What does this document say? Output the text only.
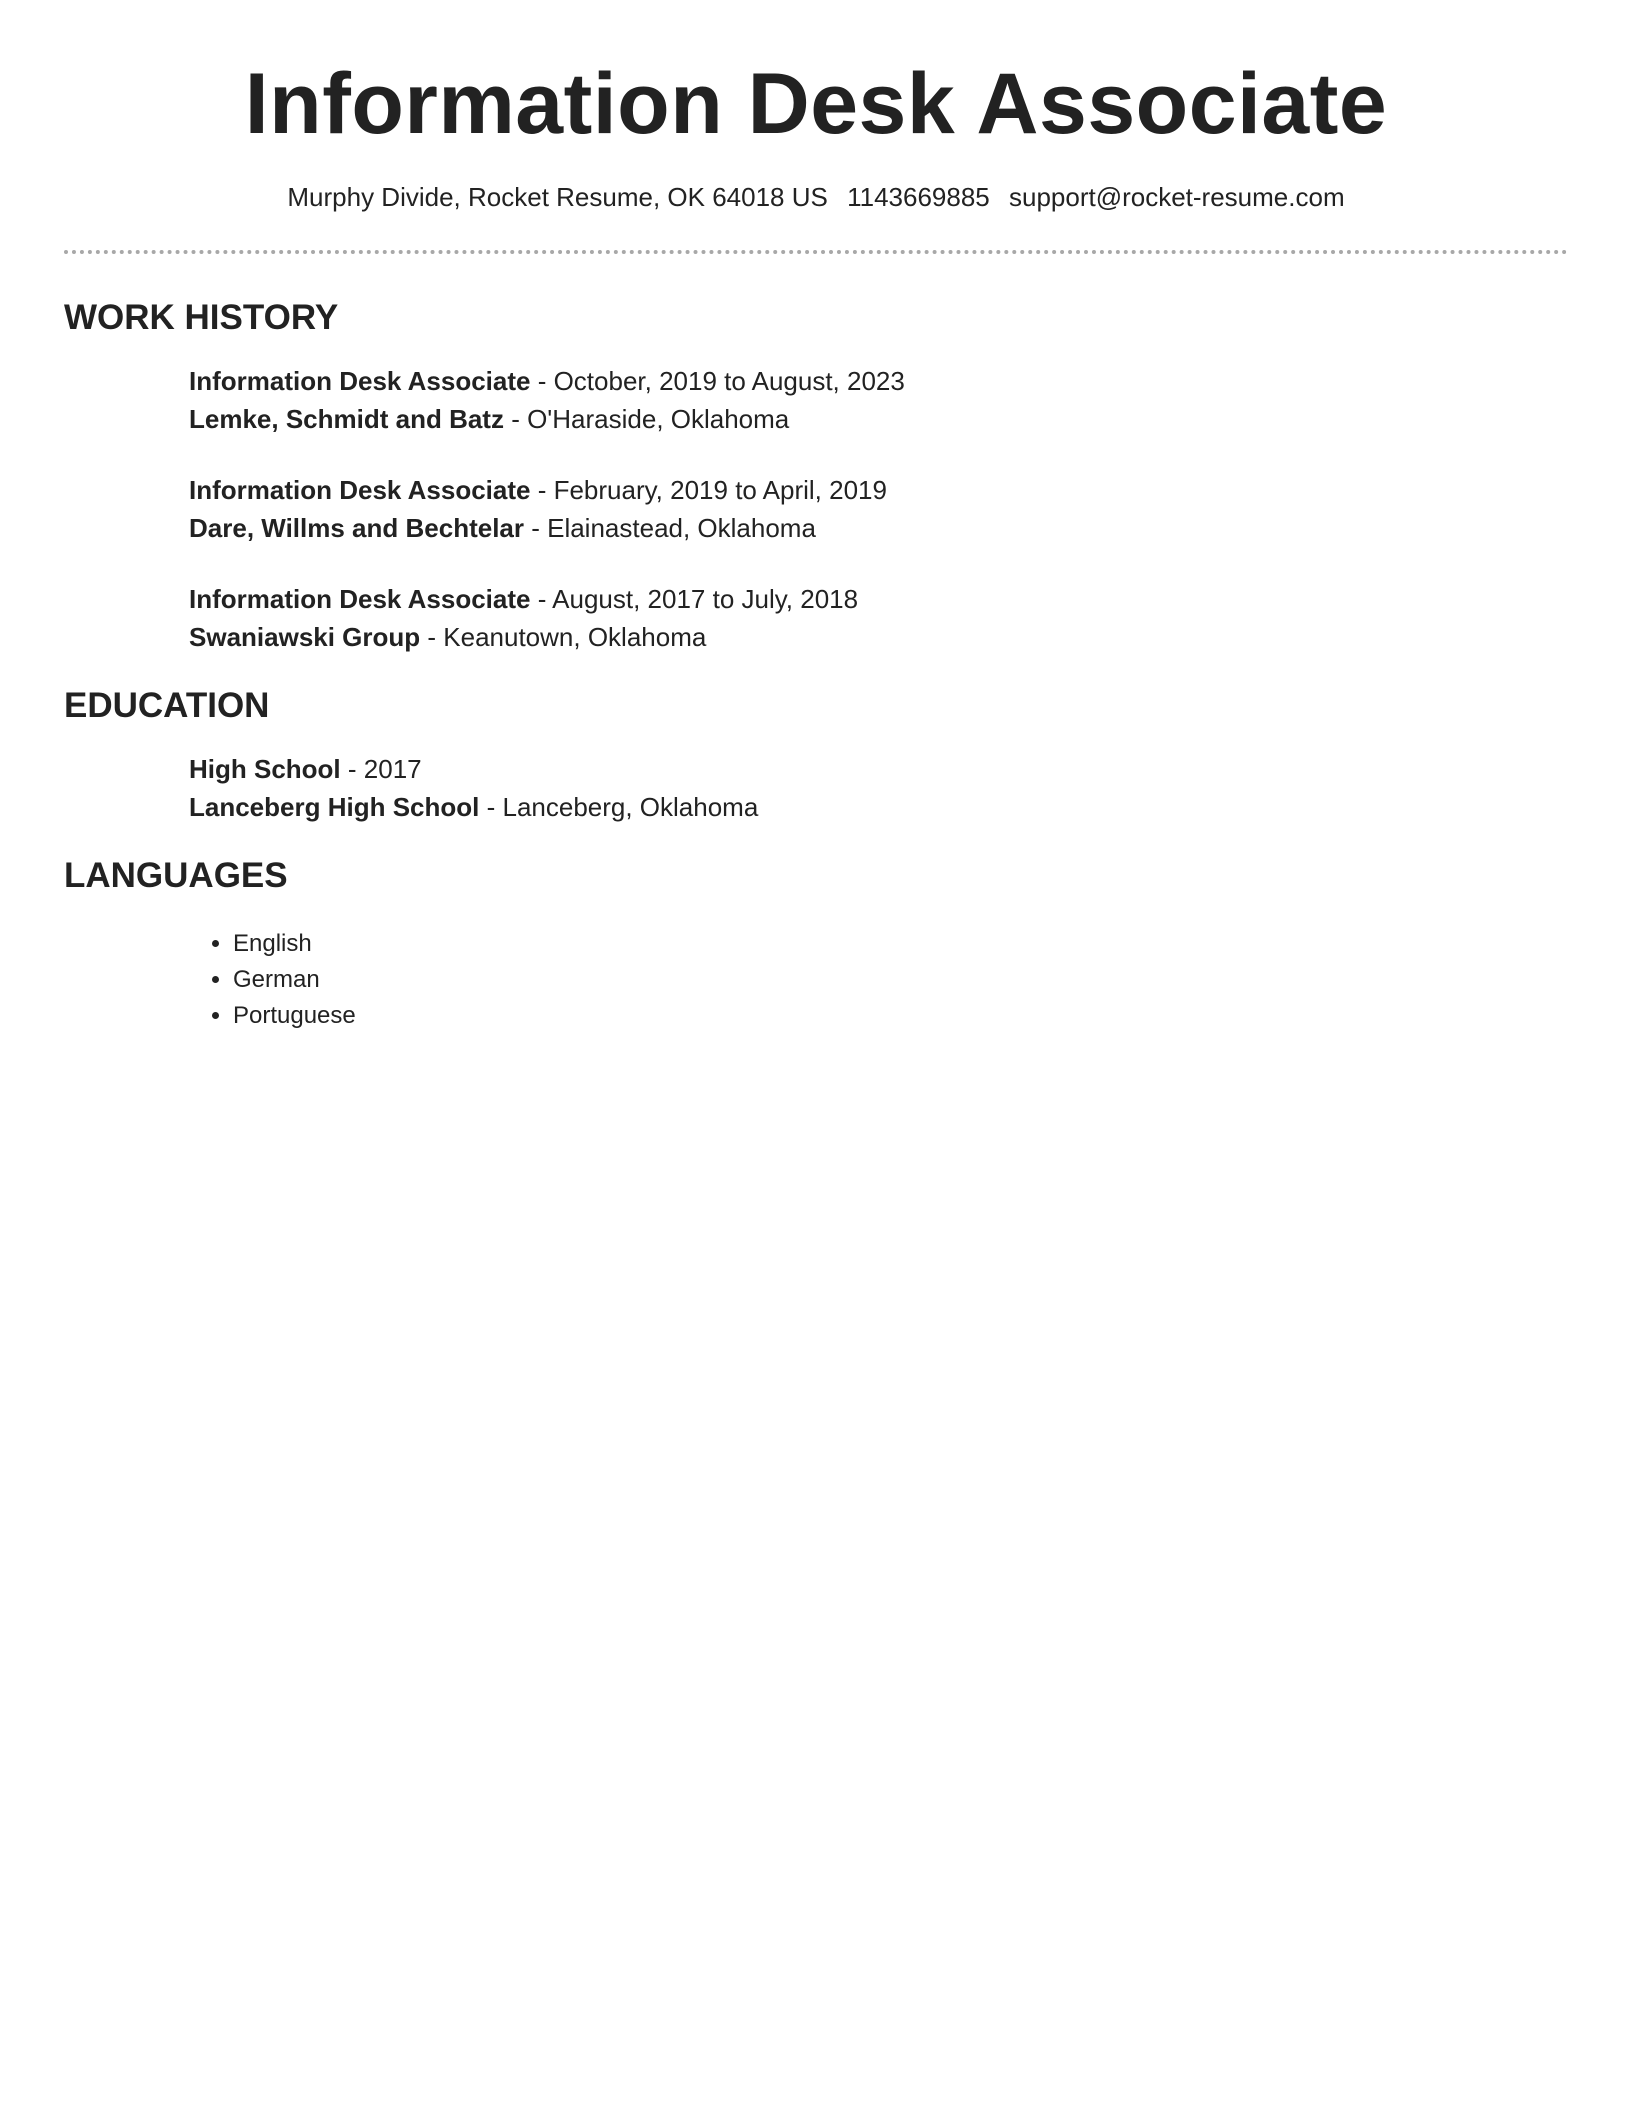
Information Desk Associate
Murphy Divide, Rocket Resume, OK 64018 US 1143669885 support@rocket-resume.com
WORK HISTORY
Information Desk Associate - October, 2019 to August, 2023
Lemke, Schmidt and Batz - O'Haraside, Oklahoma
Information Desk Associate - February, 2019 to April, 2019
Dare, Willms and Bechtelar - Elainastead, Oklahoma
Information Desk Associate - August, 2017 to July, 2018
Swaniawski Group - Keanutown, Oklahoma
EDUCATION
High School - 2017
Lanceberg High School - Lanceberg, Oklahoma
LANGUAGES
• English
• German
• Portuguese
